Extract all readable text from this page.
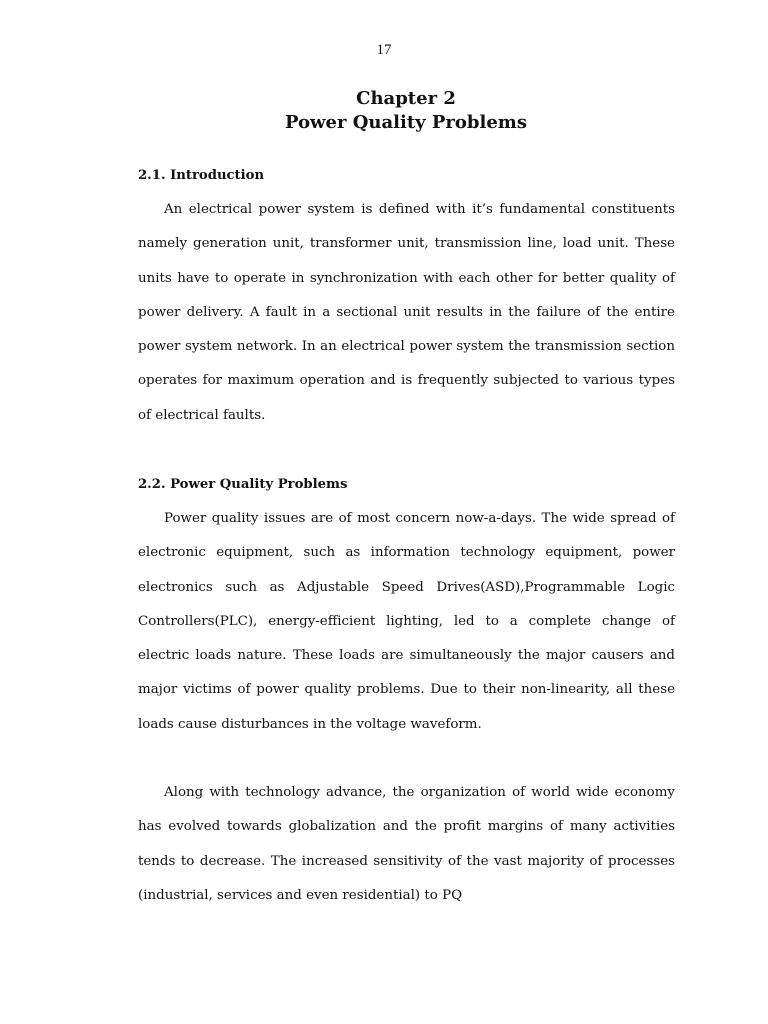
17
Chapter 2
Power Quality Problems
2.1. Introduction

An electrical power system is defined with it’s fundamental constituents namely generation unit, transformer unit, transmission line, load unit. These units have to operate in synchronization with each other for better quality of power delivery. A fault in a sectional unit results in the failure of the entire power system network. In an electrical power system the transmission section operates for maximum operation and is frequently subjected to various types of electrical faults.

2.2. Power Quality Problems

Power quality issues are of most concern now-a-days. The wide spread of electronic equipment, such as information technology equipment, power electronics such as Adjustable Speed Drives(ASD),Programmable Logic Controllers(PLC), energy-efficient lighting, led to a complete change of electric loads nature. These loads are simultaneously the major causers and major victims of power quality problems. Due to their non-linearity, all these loads cause disturbances in the voltage waveform.

Along with technology advance, the organization of world wide economy has evolved towards globalization and the profit margins of many activities tends to decrease. The increased sensitivity of the vast majority of processes (industrial, services and even residential) to PQ
